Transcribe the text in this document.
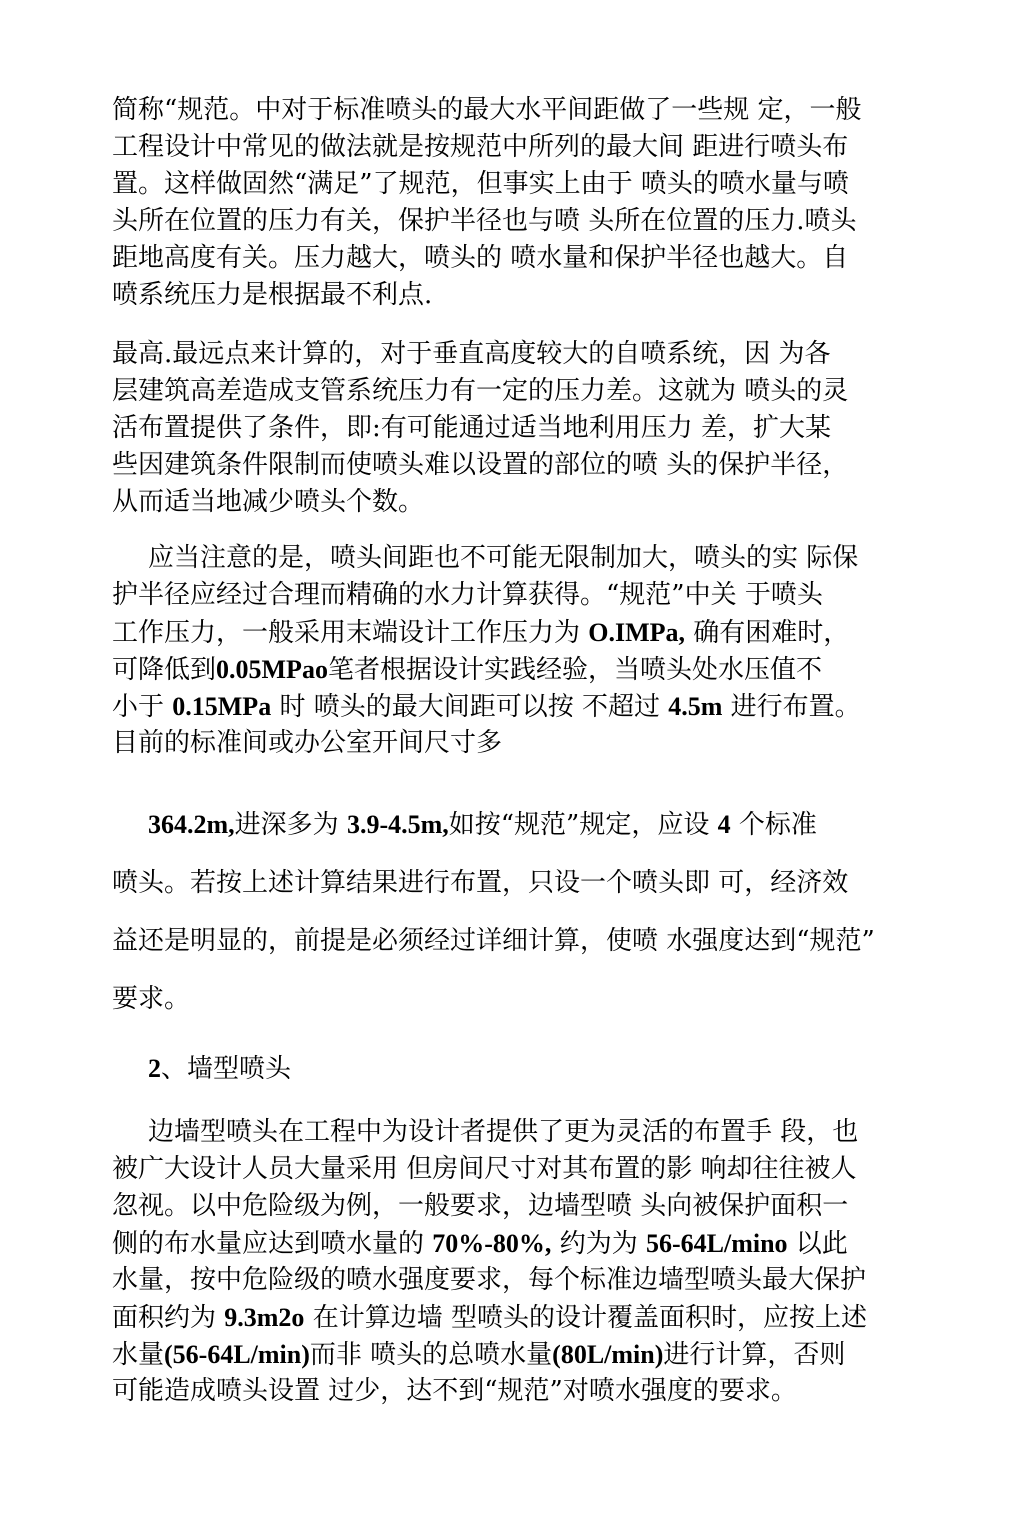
简称“规范。中对于标准喷头的最大水平间距做了一些规 定，一般
工程设计中常见的做法就是按规范中所列的最大间 距进行喷头布
置。这样做固然“满足”了规范，但事实上由于 喷头的喷水量与喷
头所在位置的压力有关，保护半径也与喷 头所在位置的压力.喷头
距地高度有关。压力越大，喷头的 喷水量和保护半径也越大。自
喷系统压力是根据最不利点.
最高.最远点来计算的，对于垂直高度较大的自喷系统，因 为各
层建筑高差造成支管系统压力有一定的压力差。这就为 喷头的灵
活布置提供了条件，即:有可能通过适当地利用压力 差，扩大某
些因建筑条件限制而使喷头难以设置的部位的喷 头的保护半径，
从而适当地减少喷头个数。
应当注意的是，喷头间距也不可能无限制加大，喷头的实 际保
护半径应经过合理而精确的水力计算获得。“规范”中关 于喷头
工作压力，一般采用末端设计工作压力为 O.IMPa, 确有困难时，
可降低到0.05MPao笔者根据设计实践经验，当喷头处水压值不
小于 0.15MPa 时 喷头的最大间距可以按 不超过 4.5m 进行布置。
目前的标准间或办公室开间尺寸多
364.2m,进深多为 3.9-4.5m,如按“规范”规定，应设 4 个标准
喷头。若按上述计算结果进行布置，只设一个喷头即 可，经济效
益还是明显的，前提是必须经过详细计算，使喷 水强度达到“规范”
要求。
2、墙型喷头
边墙型喷头在工程中为设计者提供了更为灵活的布置手 段，也
被广大设计人员大量采用 但房间尺寸对其布置的影 响却往往被人
忽视。以中危险级为例，一般要求，边墙型喷 头向被保护面积一
侧的布水量应达到喷水量的 70%-80%, 约为为 56-64L/mino 以此
水量，按中危险级的喷水强度要求，每个标准边墙型喷头最大保护
面积约为 9.3m2o 在计算边墙 型喷头的设计覆盖面积时，应按上述
水量(56-64L/min)而非 喷头的总喷水量(80L/min)进行计算，否则
可能造成喷头设置 过少，达不到“规范”对喷水强度的要求。
